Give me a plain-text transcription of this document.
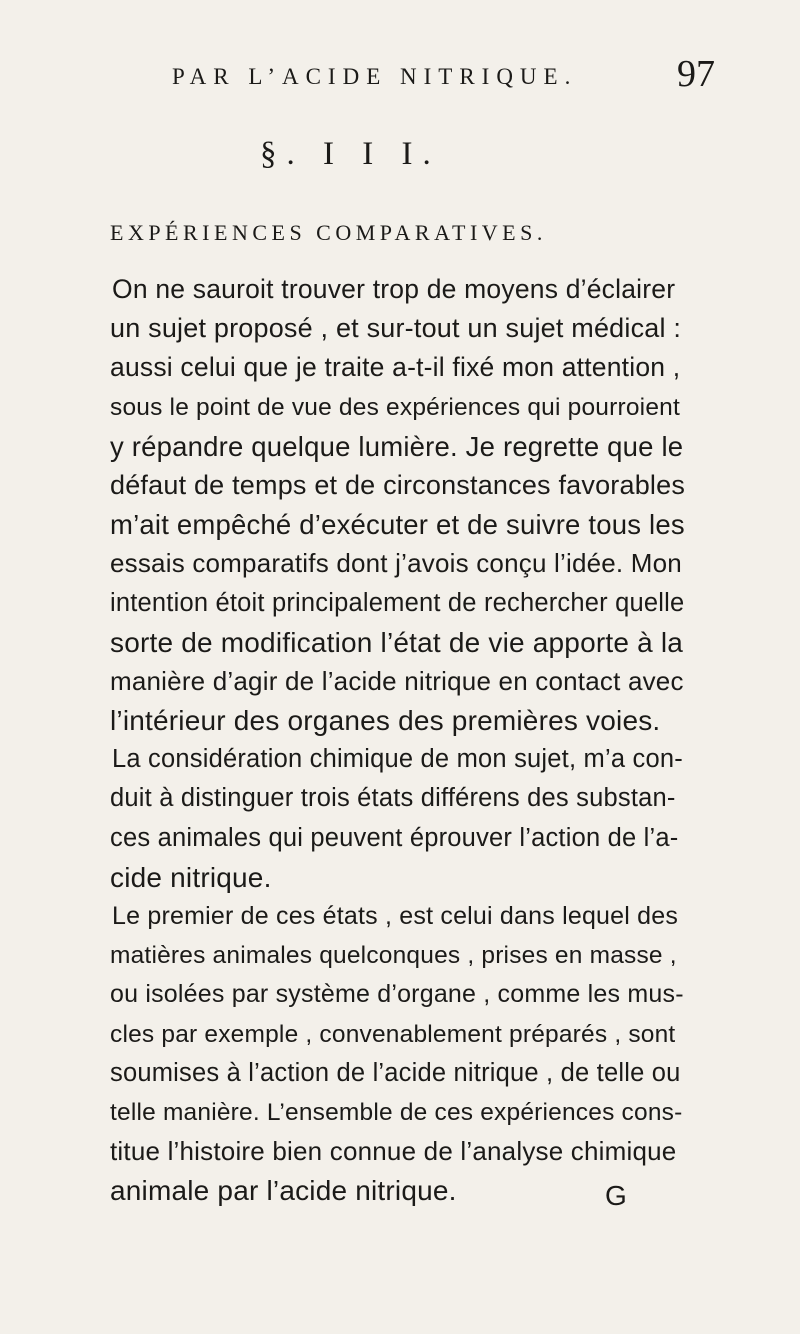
PAR L’ACIDE NITRIQUE.	97
§. I I I.
EXPÉRIENCES COMPARATIVES.
On ne sauroit trouver trop de moyens d’éclairer
un sujet proposé , et sur-tout un sujet médical :
aussi celui que je traite a-t-il fixé mon attention ,
sous le point de vue des expériences qui pourroient
y répandre quelque lumière. Je regrette que le
défaut de temps et de circonstances favorables
m’ait empêché d’exécuter et de suivre tous les
essais comparatifs dont j’avois conçu l’idée. Mon
intention étoit principalement de rechercher quelle
sorte de modification l’état de vie apporte à la
manière d’agir de l’acide nitrique en contact avec
l’intérieur des organes des premières voies.
La considération chimique de mon sujet, m’a con-
duit à distinguer trois états différens des substan-
ces animales qui peuvent éprouver l’action de l’a-
cide nitrique.
Le premier de ces états , est celui dans lequel des
matières animales quelconques , prises en masse ,
ou isolées par système d’organe , comme les mus-
cles par exemple , convenablement préparés , sont
soumises à l’action de l’acide nitrique , de telle ou
telle manière. L’ensemble de ces expériences cons-
titue l’histoire bien connue de l’analyse chimique
animale par l’acide nitrique.	G
